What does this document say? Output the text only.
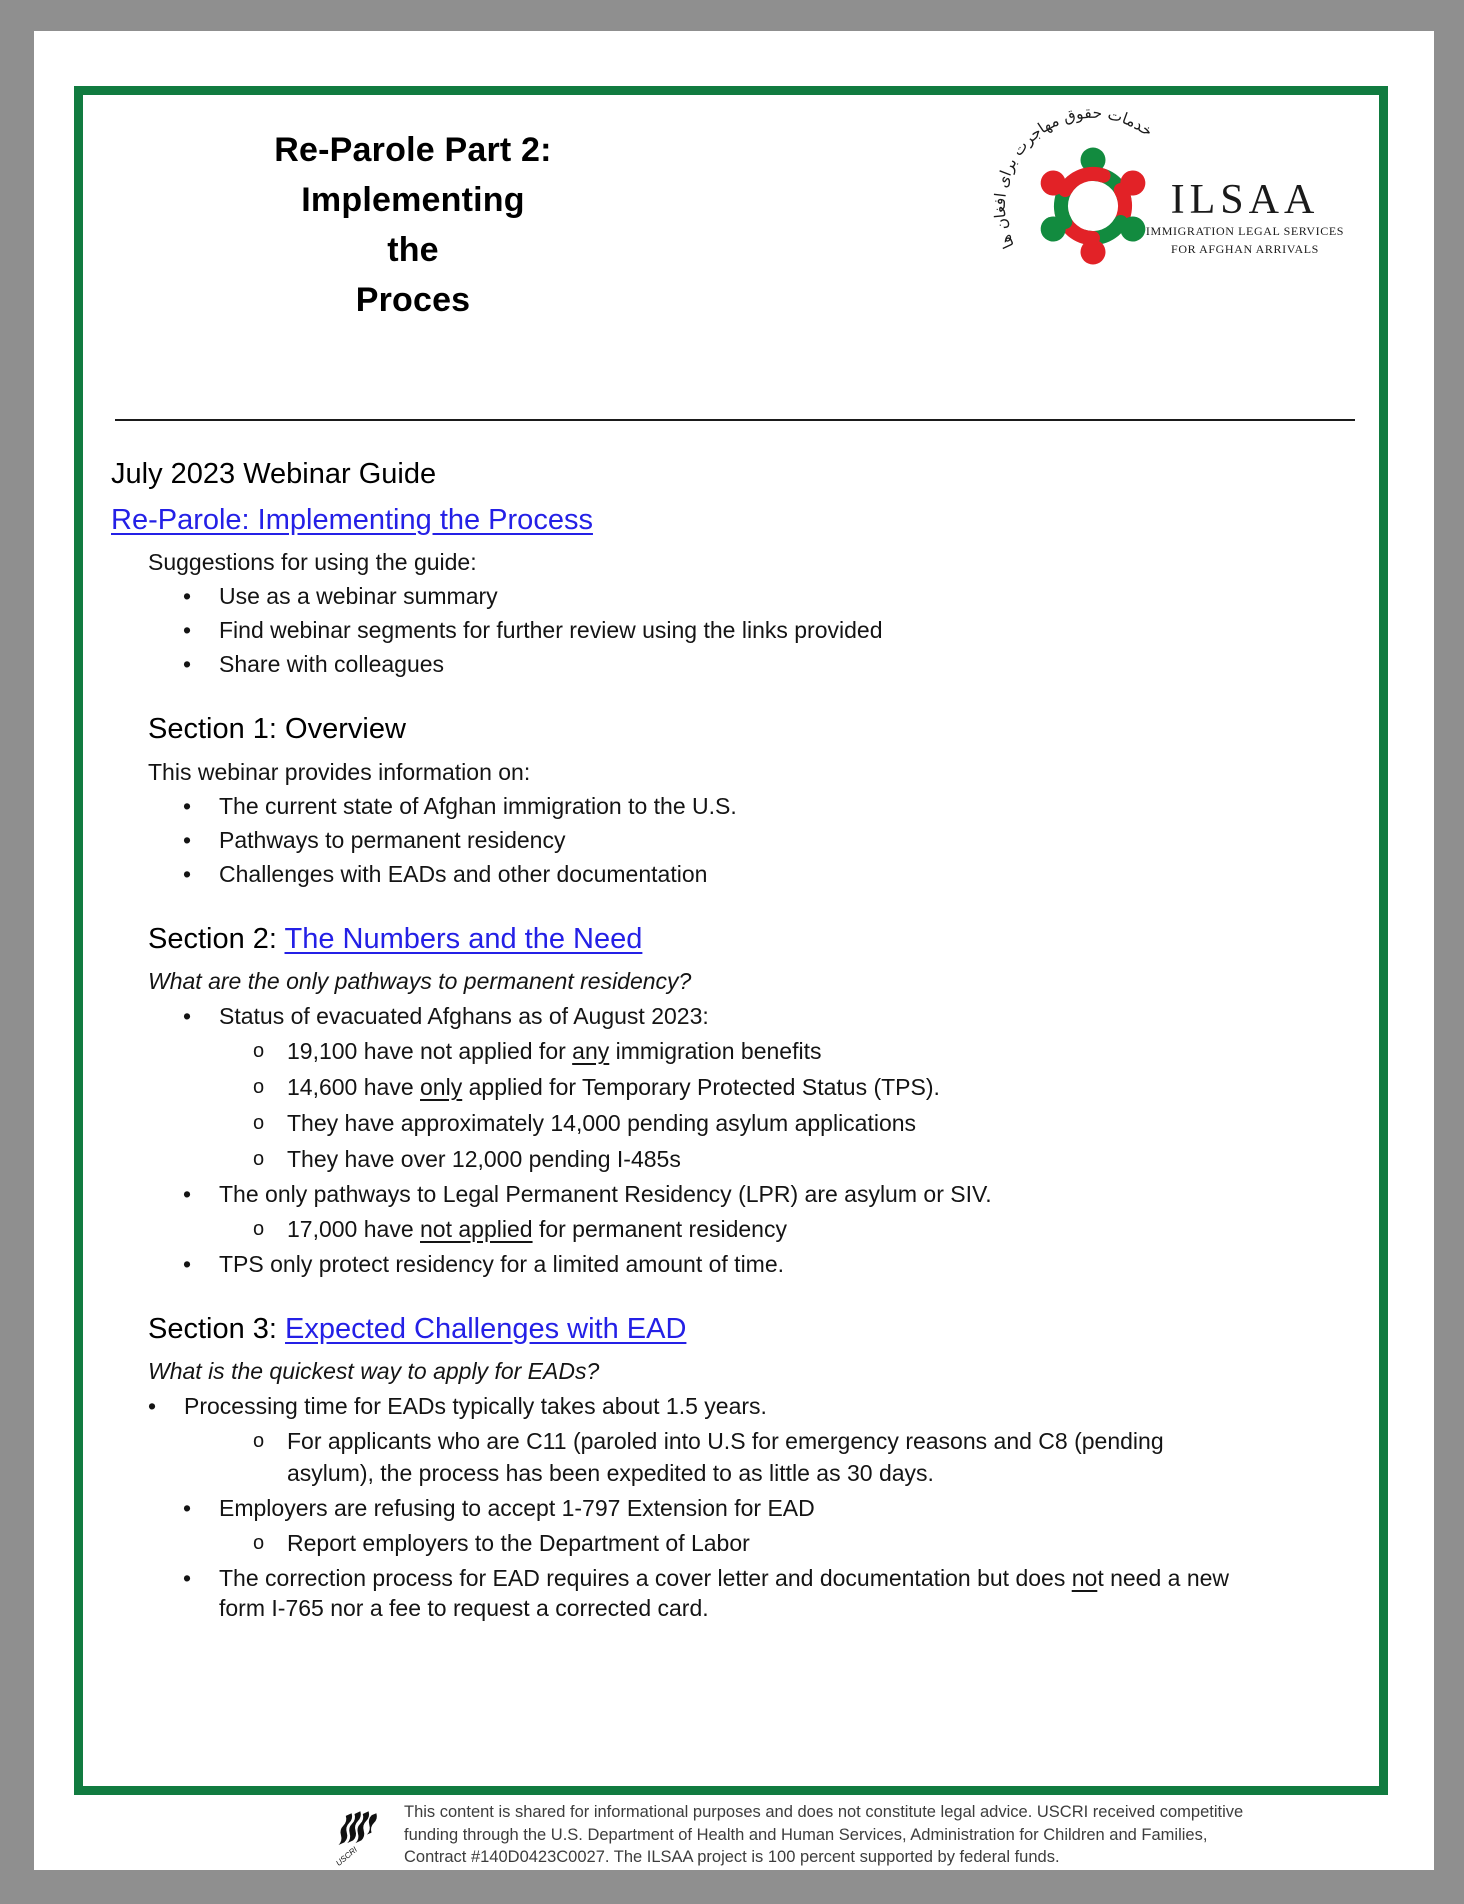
Re-Parole Part 2:
Implementing
the
Proces
خدمات حقوق مهاجرت برای افغان ها
ILSAA
IMMIGRATION LEGAL SERVICES
FOR AFGHAN ARRIVALS
July 2023 Webinar Guide
Re-Parole: Implementing the Process
Suggestions for using the guide:
•	Use as a webinar summary
•	Find webinar segments for further review using the links provided
•	Share with colleagues
Section 1: Overview
This webinar provides information on:
•	The current state of Afghan immigration to the U.S.
•	Pathways to permanent residency
•	Challenges with EADs and other documentation
Section 2: The Numbers and the Need
What are the only pathways to permanent residency?
•	Status of evacuated Afghans as of August 2023:
o 19,100 have not applied for any immigration benefits
o 14,600 have only applied for Temporary Protected Status (TPS).
o They have approximately 14,000 pending asylum applications
o They have over 12,000 pending I-485s
•	The only pathways to Legal Permanent Residency (LPR) are asylum or SIV.
o 17,000 have not applied for permanent residency
•	TPS only protect residency for a limited amount of time.
Section 3: Expected Challenges with EAD
What is the quickest way to apply for EADs?
•	Processing time for EADs typically takes about 1.5 years.
o For applicants who are C11 (paroled into U.S for emergency reasons and C8 (pending asylum), the process has been expedited to as little as 30 days.
•	Employers are refusing to accept 1-797 Extension for EAD
o Report employers to the Department of Labor
•	The correction process for EAD requires a cover letter and documentation but does not need a new form I-765 nor a fee to request a corrected card.
USCRI
This content is shared for informational purposes and does not constitute legal advice. USCRI received competitive
funding through the U.S. Department of Health and Human Services, Administration for Children and Families,
Contract #140D0423C0027. The ILSAA project is 100 percent supported by federal funds.
